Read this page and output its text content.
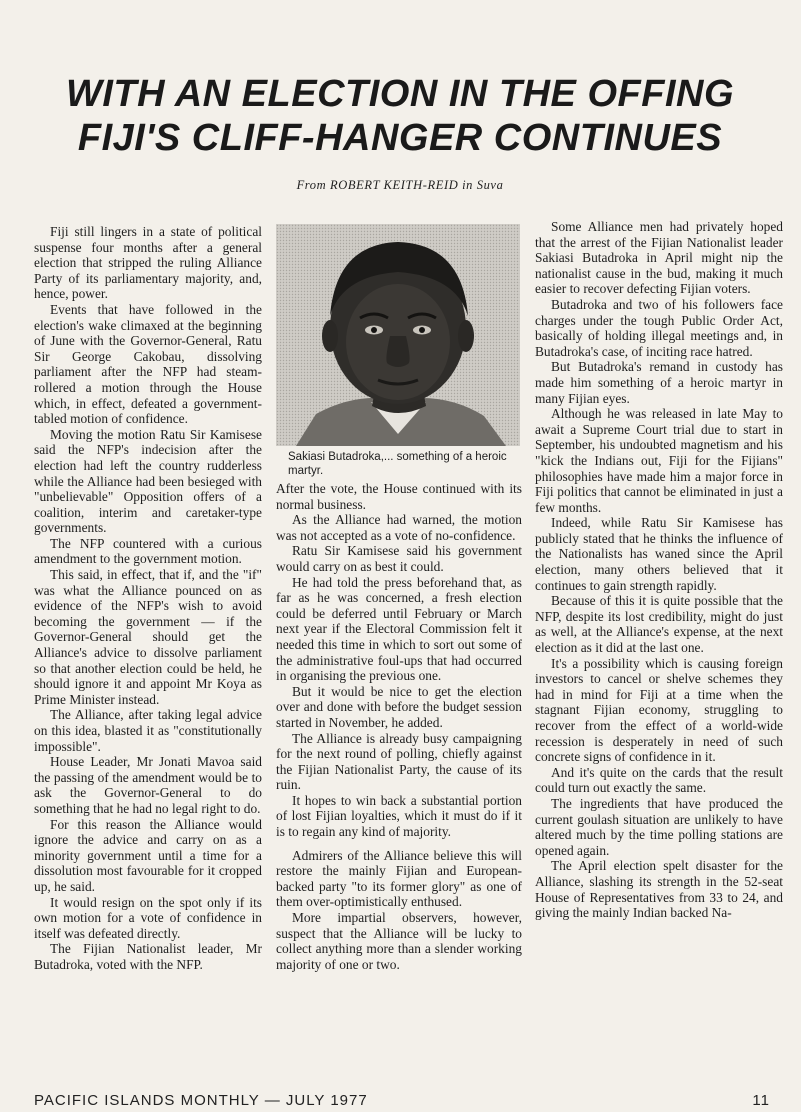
WITH AN ELECTION IN THE OFFING
FIJI'S CLIFF-HANGER CONTINUES
From ROBERT KEITH-REID in Suva

Fiji still lingers in a state of political suspense four months after a general election that stripped the ruling Alliance Party of its parliamentary majority, and, hence, power.

Events that have followed in the election's wake climaxed at the beginning of June with the Governor-General, Ratu Sir George Cakobau, dissolving parliament after the NFP had steam-rollered a motion through the House which, in effect, defeated a government-tabled motion of confidence.

Moving the motion Ratu Sir Kamisese said the NFP's indecision after the election had left the country rudderless while the Alliance had been besieged with "unbelievable" Opposition offers of a coalition, interim and caretaker-type governments.

The NFP countered with a curious amendment to the government motion.

This said, in effect, that if, and the "if" was what the Alliance pounced on as evidence of the NFP's wish to avoid becoming the government — if the Governor-General should get the Alliance's advice to dissolve parliament so that another election could be held, he should ignore it and appoint Mr Koya as Prime Minister instead.

The Alliance, after taking legal advice on this idea, blasted it as "constitutionally impossible".

House Leader, Mr Jonati Mavoa said the passing of the amendment would be to ask the Governor-General to do something that he had no legal right to do.

For this reason the Alliance would ignore the advice and carry on as a minority government until a time for a dissolution most favourable for it cropped up, he said.

It would resign on the spot only if its own motion for a vote of confidence in itself was defeated directly.

The Fijian Nationalist leader, Mr Butadroka, voted with the NFP.

Sakiasi Butadroka,... something of a heroic martyr.

After the vote, the House continued with its normal business.

As the Alliance had warned, the motion was not accepted as a vote of no-confidence.

Ratu Sir Kamisese said his government would carry on as best it could.

He had told the press beforehand that, as far as he was concerned, a fresh election could be deferred until February or March next year if the Electoral Commission felt it needed this time in which to sort out some of the administrative foul-ups that had occurred in organising the previous one.

But it would be nice to get the election over and done with before the budget session started in November, he added.

The Alliance is already busy campaigning for the next round of polling, chiefly against the Fijian Nationalist Party, the cause of its ruin.

It hopes to win back a substantial portion of lost Fijian loyalties, which it must do if it is to regain any kind of majority.

Admirers of the Alliance believe this will restore the mainly Fijian and European-backed party "to its former glory" as one of them over-optimistically enthused.

More impartial observers, however, suspect that the Alliance will be lucky to collect anything more than a slender working majority of one or two.

Some Alliance men had privately hoped that the arrest of the Fijian Nationalist leader Sakiasi Butadroka in April might nip the nationalist cause in the bud, making it much easier to recover defecting Fijian voters.

Butadroka and two of his followers face charges under the tough Public Order Act, basically of holding illegal meetings and, in Butadroka's case, of inciting race hatred.

But Butadroka's remand in custody has made him something of a heroic martyr in many Fijian eyes.

Although he was released in late May to await a Supreme Court trial due to start in September, his undoubted magnetism and his "kick the Indians out, Fiji for the Fijians" philosophies have made him a major force in Fiji politics that cannot be eliminated in just a few months.

Indeed, while Ratu Sir Kamisese has publicly stated that he thinks the influence of the Nationalists has waned since the April election, many others believed that it continues to gain strength rapidly.

Because of this it is quite possible that the NFP, despite its lost credibility, might do just as well, at the Alliance's expense, at the next election as it did at the last one.

It's a possibility which is causing foreign investors to cancel or shelve schemes they had in mind for Fiji at a time when the stagnant Fijian economy, struggling to recover from the effect of a world-wide recession is desperately in need of such concrete signs of confidence in it.

And it's quite on the cards that the result could turn out exactly the same.

The ingredients that have produced the current goulash situation are unlikely to have altered much by the time polling stations are opened again.

The April election spelt disaster for the Alliance, slashing its strength in the 52-seat House of Representatives from 33 to 24, and giving the mainly Indian backed Na-

PACIFIC ISLANDS MONTHLY — JULY 1977	11
